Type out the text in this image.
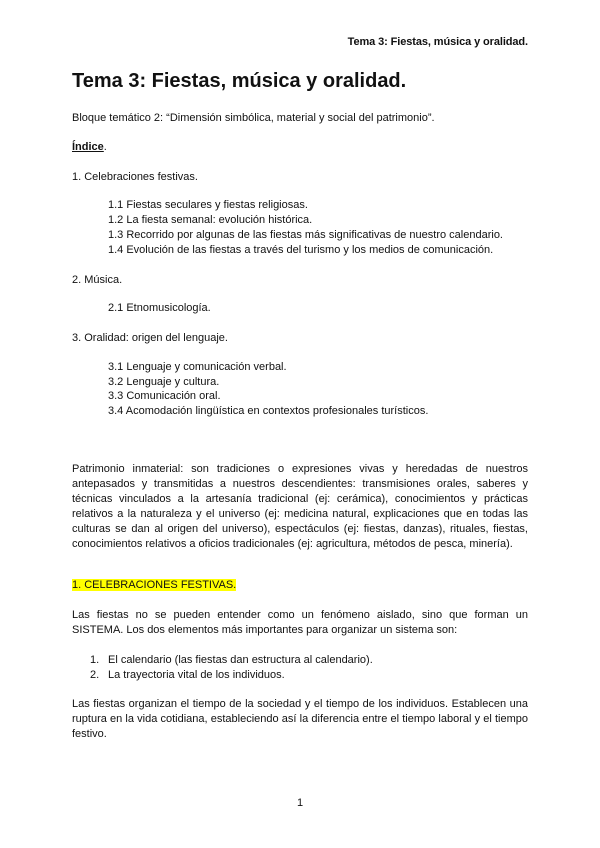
Tema 3: Fiestas, música y oralidad.
Tema 3: Fiestas, música y oralidad.

Bloque temático 2: “Dimensión simbólica, material y social del patrimonio”.

Índice.

1. Celebraciones festivas.

1.1 Fiestas seculares y fiestas religiosas.

1.2 La fiesta semanal: evolución histórica.

1.3 Recorrido por algunas de las fiestas más significativas de nuestro calendario.

1.4 Evolución de las fiestas a través del turismo y los medios de comunicación.

2. Música.

2.1 Etnomusicología.

3. Oralidad: origen del lenguaje.

3.1 Lenguaje y comunicación verbal.

3.2 Lenguaje y cultura.

3.3 Comunicación oral.

3.4 Acomodación lingüística en contextos profesionales turísticos.

Patrimonio inmaterial: son tradiciones o expresiones vivas y heredadas de nuestros antepasados y transmitidas a nuestros descendientes: transmisiones orales, saberes y técnicas vinculados a la artesanía tradicional (ej: cerámica), conocimientos y prácticas relativos a la naturaleza y el universo (ej: medicina natural, explicaciones que en todas las culturas se dan al origen del universo), espectáculos (ej: fiestas, danzas), rituales, fiestas, conocimientos relativos a oficios tradicionales (ej: agricultura, métodos de pesca, minería).

1. CELEBRACIONES FESTIVAS.

Las fiestas no se pueden entender como un fenómeno aislado, sino que forman un SISTEMA. Los dos elementos más importantes para organizar un sistema son:

1. El calendario (las fiestas dan estructura al calendario).
2. La trayectoria vital de los individuos.

Las fiestas organizan el tiempo de la sociedad y el tiempo de los individuos. Establecen una ruptura en la vida cotidiana, estableciendo así la diferencia entre el tiempo laboral y el tiempo festivo.

1
